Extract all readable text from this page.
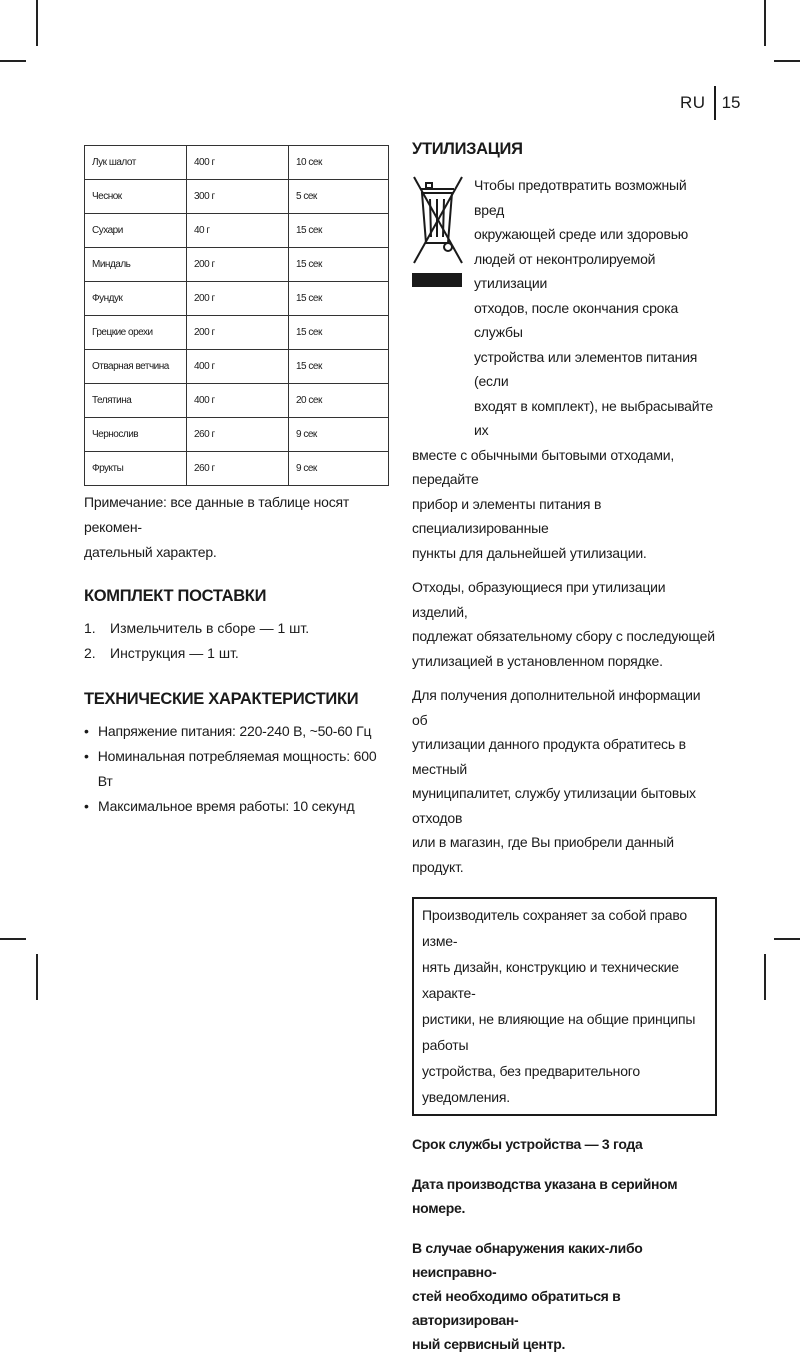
RU 15
Лук шалот	400 г	10 сек
Чеснок	300 г	5 сек
Сухари	40 г	15 сек
Миндаль	200 г	15 сек
Фундук	200 г	15 сек
Грецкие орехи	200 г	15 сек
Отварная ветчина	400 г	15 сек
Телятина	400 г	20 сек
Чернослив	260 г	9 сек
Фрукты	260 г	9 сек
Примечание: все данные в таблице носят рекомен-
дательный характер.
КОМПЛЕКТ ПОСТАВКИ
1.	Измельчитель в сборе — 1 шт.
2.	Инструкция — 1 шт.
ТЕХНИЧЕСКИЕ ХАРАКТЕРИСТИКИ
• Напряжение питания: 220-240 В, ~50-60 Гц
• Номинальная потребляемая мощность: 600 Вт
• Максимальное время работы: 10 секунд
УТИЛИЗАЦИЯ
Чтобы предотвратить возможный вред
окружающей среде или здоровью
людей от неконтролируемой утилизации
отходов, после окончания срока службы
устройства или элементов питания (если
входят в комплект), не выбрасывайте их
вместе с обычными бытовыми отходами, передайте
прибор и элементы питания в специализированные
пункты для дальнейшей утилизации.

Отходы, образующиеся при утилизации изделий,
подлежат обязательному сбору с последующей
утилизацией в установленном порядке.

Для получения дополнительной информации об
утилизации данного продукта обратитесь в местный
муниципалитет, службу утилизации бытовых отходов
или в магазин, где Вы приобрели данный продукт.

Производитель сохраняет за собой право изме-
нять дизайн, конструкцию и технические характе-
ристики, не влияющие на общие принципы работы
устройства, без предварительного уведомления.
Срок службы устройства — 3 года
Дата производства указана в серийном номере.
В случае обнаружения каких-либо неисправно-
стей необходимо обратиться в авторизирован-
ный сервисный центр.
